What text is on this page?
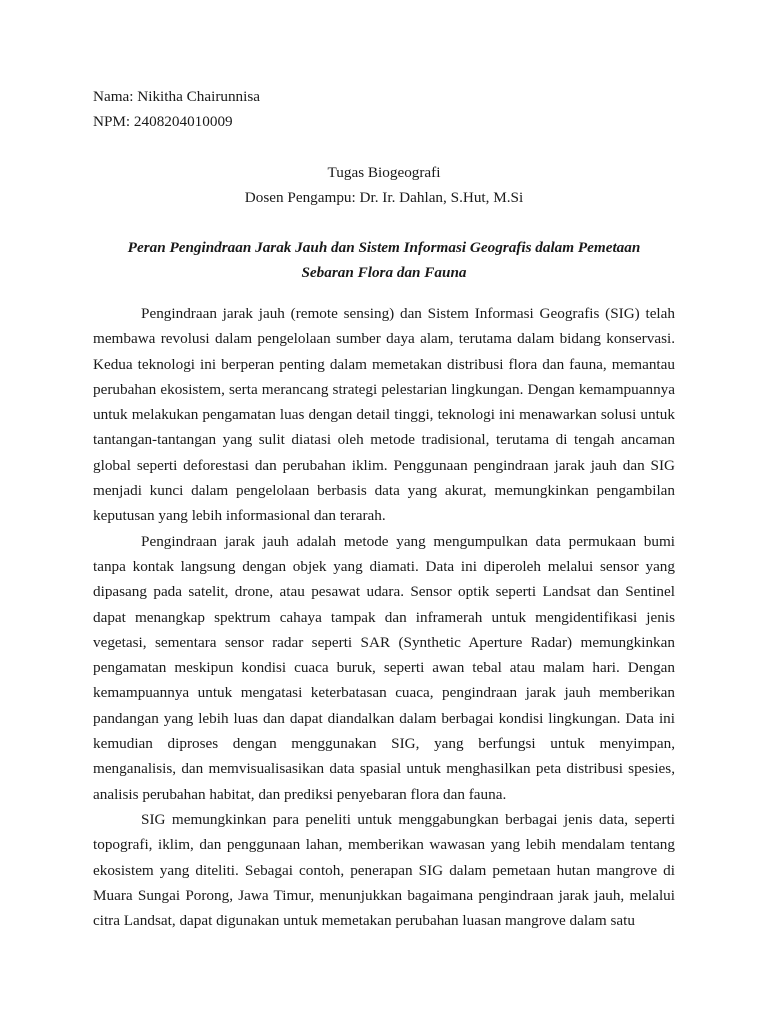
Nama: Nikitha Chairunnisa

NPM: 2408204010009

Tugas Biogeografi

Dosen Pengampu: Dr. Ir. Dahlan, S.Hut, M.Si

Peran Pengindraan Jarak Jauh dan Sistem Informasi Geografis dalam Pemetaan Sebaran Flora dan Fauna

Pengindraan jarak jauh (remote sensing) dan Sistem Informasi Geografis (SIG) telah membawa revolusi dalam pengelolaan sumber daya alam, terutama dalam bidang konservasi. Kedua teknologi ini berperan penting dalam memetakan distribusi flora dan fauna, memantau perubahan ekosistem, serta merancang strategi pelestarian lingkungan. Dengan kemampuannya untuk melakukan pengamatan luas dengan detail tinggi, teknologi ini menawarkan solusi untuk tantangan-tantangan yang sulit diatasi oleh metode tradisional, terutama di tengah ancaman global seperti deforestasi dan perubahan iklim. Penggunaan pengindraan jarak jauh dan SIG menjadi kunci dalam pengelolaan berbasis data yang akurat, memungkinkan pengambilan keputusan yang lebih informasional dan terarah.

Pengindraan jarak jauh adalah metode yang mengumpulkan data permukaan bumi tanpa kontak langsung dengan objek yang diamati. Data ini diperoleh melalui sensor yang dipasang pada satelit, drone, atau pesawat udara. Sensor optik seperti Landsat dan Sentinel dapat menangkap spektrum cahaya tampak dan inframerah untuk mengidentifikasi jenis vegetasi, sementara sensor radar seperti SAR (Synthetic Aperture Radar) memungkinkan pengamatan meskipun kondisi cuaca buruk, seperti awan tebal atau malam hari. Dengan kemampuannya untuk mengatasi keterbatasan cuaca, pengindraan jarak jauh memberikan pandangan yang lebih luas dan dapat diandalkan dalam berbagai kondisi lingkungan. Data ini kemudian diproses dengan menggunakan SIG, yang berfungsi untuk menyimpan, menganalisis, dan memvisualisasikan data spasial untuk menghasilkan peta distribusi spesies, analisis perubahan habitat, dan prediksi penyebaran flora dan fauna.

SIG memungkinkan para peneliti untuk menggabungkan berbagai jenis data, seperti topografi, iklim, dan penggunaan lahan, memberikan wawasan yang lebih mendalam tentang ekosistem yang diteliti. Sebagai contoh, penerapan SIG dalam pemetaan hutan mangrove di Muara Sungai Porong, Jawa Timur, menunjukkan bagaimana pengindraan jarak jauh, melalui citra Landsat, dapat digunakan untuk memetakan perubahan luasan mangrove dalam satu
